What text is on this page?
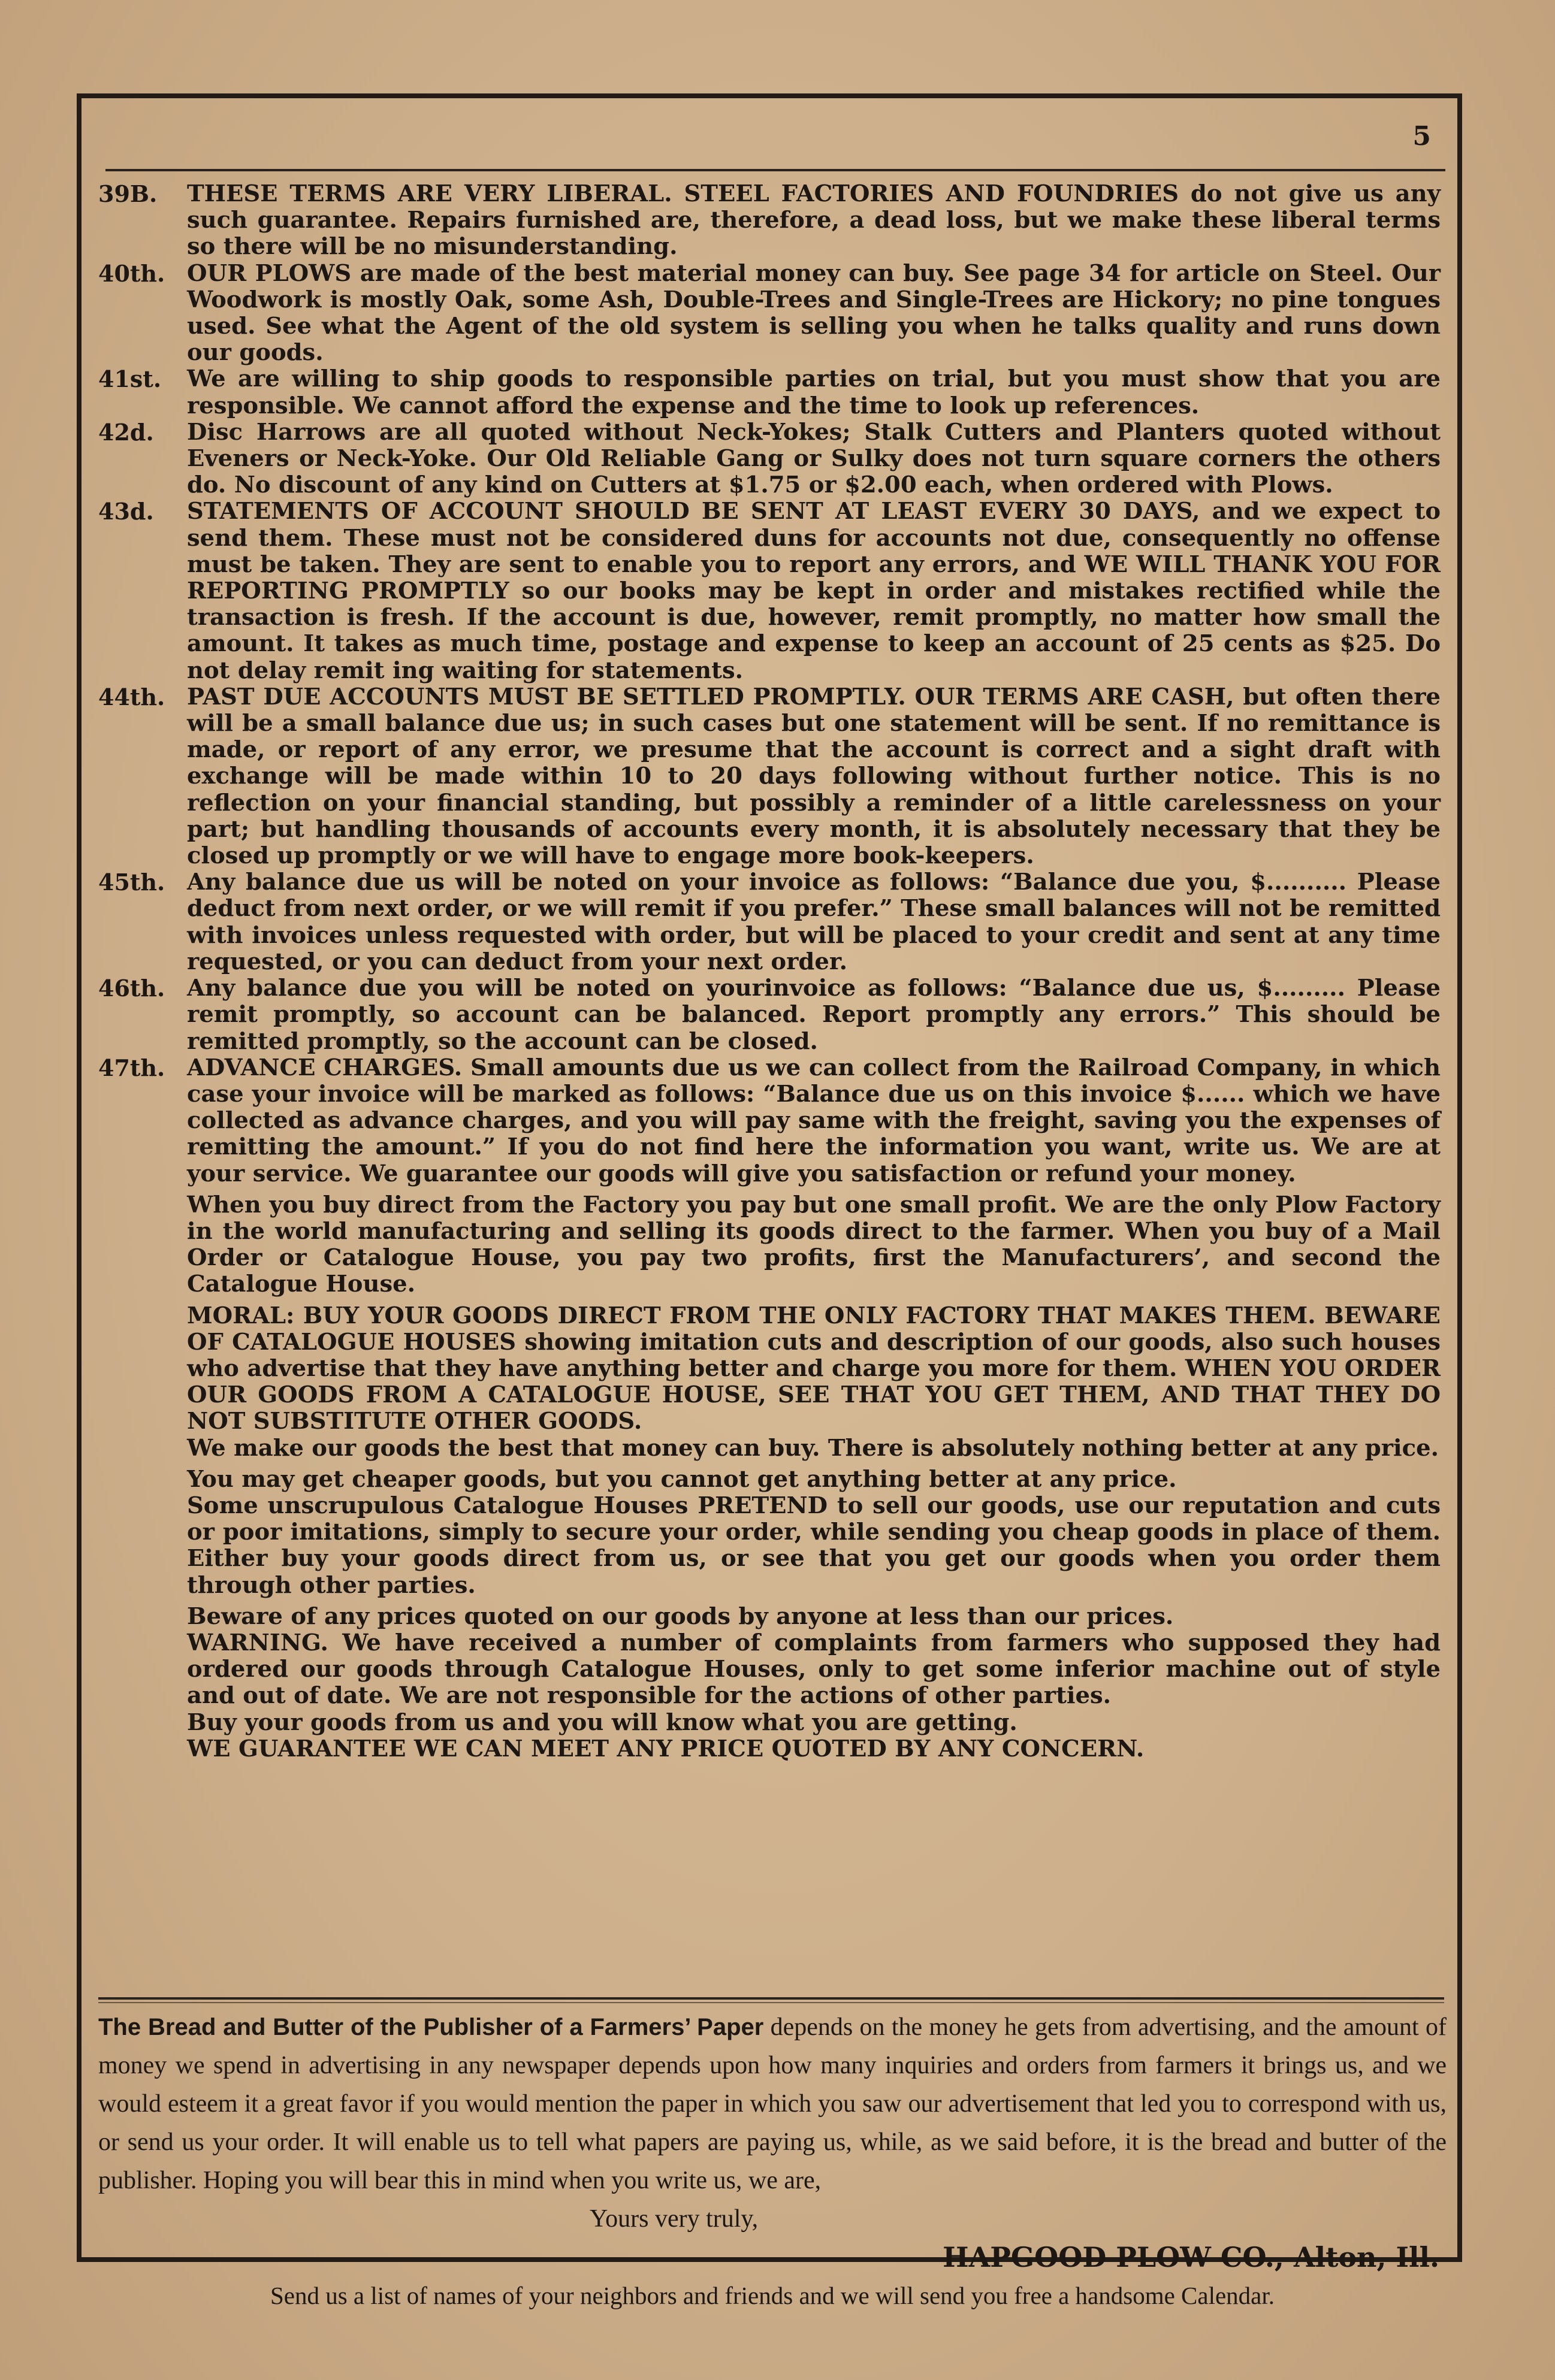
5
39B.	THESE TERMS ARE VERY LIBERAL. STEEL FACTORIES AND FOUNDRIES do not give us any such guarantee. Repairs furnished are, therefore, a dead loss, but we make these liberal terms so there will be no misunderstanding.
40th. OUR PLOWS are made of the best material money can buy. See page 34 for article on Steel. Our Woodwork is mostly Oak, some Ash, Double-Trees and Single-Trees are Hickory; no pine tongues used. See what the Agent of the old system is selling you when he talks quality and runs down our goods.
41st.	We are willing to ship goods to responsible parties on trial, but you must show that you are responsible. We cannot afford the expense and the time to look up references.
42d.	Disc Harrows are all quoted without Neck-Yokes; Stalk Cutters and Planters quoted without Eveners or Neck-Yoke. Our Old Reliable Gang or Sulky does not turn square corners the others do. No discount of any kind on Cutters at $1.75 or $2.00 each, when ordered with Plows.
43d.	STATEMENTS OF ACCOUNT SHOULD BE SENT AT LEAST EVERY 30 DAYS, and we expect to send them. These must not be considered duns for accounts not due, consequently no offense must be taken. They are sent to enable you to report any errors, and WE WILL THANK YOU FOR REPORTING PROMPTLY so our books may be kept in order and mistakes rectified while the transaction is fresh. If the account is due, however, remit promptly, no matter how small the amount. It takes as much time, postage and expense to keep an account of 25 cents as $25. Do not delay remit ing waiting for statements.
44th. PAST DUE ACCOUNTS MUST BE SETTLED PROMPTLY. OUR TERMS ARE CASH, but often there will be a small balance due us; in such cases but one statement will be sent. If no remittance is made, or report of any error, we presume that the account is correct and a sight draft with exchange will be made within 10 to 20 days following without further notice. This is no reflection on your financial standing, but possibly a reminder of a little carelessness on your part; but handling thousands of accounts every month, it is absolutely necessary that they be closed up promptly or we will have to engage more book-keepers.
45th. Any balance due us will be noted on your invoice as follows: “Balance due you, $.......... Please deduct from next order, or we will remit if you prefer.” These small balances will not be remitted with invoices unless requested with order, but will be placed to your credit and sent at any time requested, or you can deduct from your next order.
46th. Any balance due you will be noted on yourinvoice as follows: “Balance due us, $......... Please remit promptly, so account can be balanced. Report promptly any errors.” This should be remitted promptly, so the account can be closed.
47th. ADVANCE CHARGES. Small amounts due us we can collect from the Railroad Company, in which case your invoice will be marked as follows: “Balance due us on this invoice $...... which we have collected as advance charges, and you will pay same with the freight, saving you the expenses of remitting the amount.” If you do not find here the information you want, write us. We are at your service. We guarantee our goods will give you satisfaction or refund your money.
When you buy direct from the Factory you pay but one small profit. We are the only Plow Factory in the world manufacturing and selling its goods direct to the farmer. When you buy of a Mail Order or Catalogue House, you pay two profits, first the Manufacturers’, and second the Catalogue House.
MORAL: BUY YOUR GOODS DIRECT FROM THE ONLY FACTORY THAT MAKES THEM. BEWARE OF CATALOGUE HOUSES showing imitation cuts and description of our goods, also such houses who advertise that they have anything better and charge you more for them. WHEN YOU ORDER OUR GOODS FROM A CATALOGUE HOUSE, SEE THAT YOU GET THEM, AND THAT THEY DO NOT SUBSTITUTE OTHER GOODS.
We make our goods the best that money can buy. There is absolutely nothing better at any price.
You may get cheaper goods, but you cannot get anything better at any price.
Some unscrupulous Catalogue Houses PRETEND to sell our goods, use our reputation and cuts or poor imitations, simply to secure your order, while sending you cheap goods in place of them. Either buy your goods direct from us, or see that you get our goods when you order them through other parties.
Beware of any prices quoted on our goods by anyone at less than our prices.
WARNING. We have received a number of complaints from farmers who supposed they had ordered our goods through Catalogue Houses, only to get some inferior machine out of style and out of date. We are not responsible for the actions of other parties.
Buy your goods from us and you will know what you are getting.
WE GUARANTEE WE CAN MEET ANY PRICE QUOTED BY ANY CONCERN.
The Bread and Butter of the Publisher of a Farmers’ Paper depends on the money he gets from advertising, and the amount of money we spend in advertising in any newspaper depends upon how many inquiries and orders from farmers it brings us, and we would esteem it a great favor if you would mention the paper in which you saw our advertisement that led you to correspond with us, or send us your order. It will enable us to tell what papers are paying us, while, as we said before, it is the bread and butter of the publisher. Hoping you will bear this in mind when you write us, we are,
Yours very truly,
HAPGOOD PLOW CO., Alton, Ill.
Send us a list of names of your neighbors and friends and we will send you free a handsome Calendar.
